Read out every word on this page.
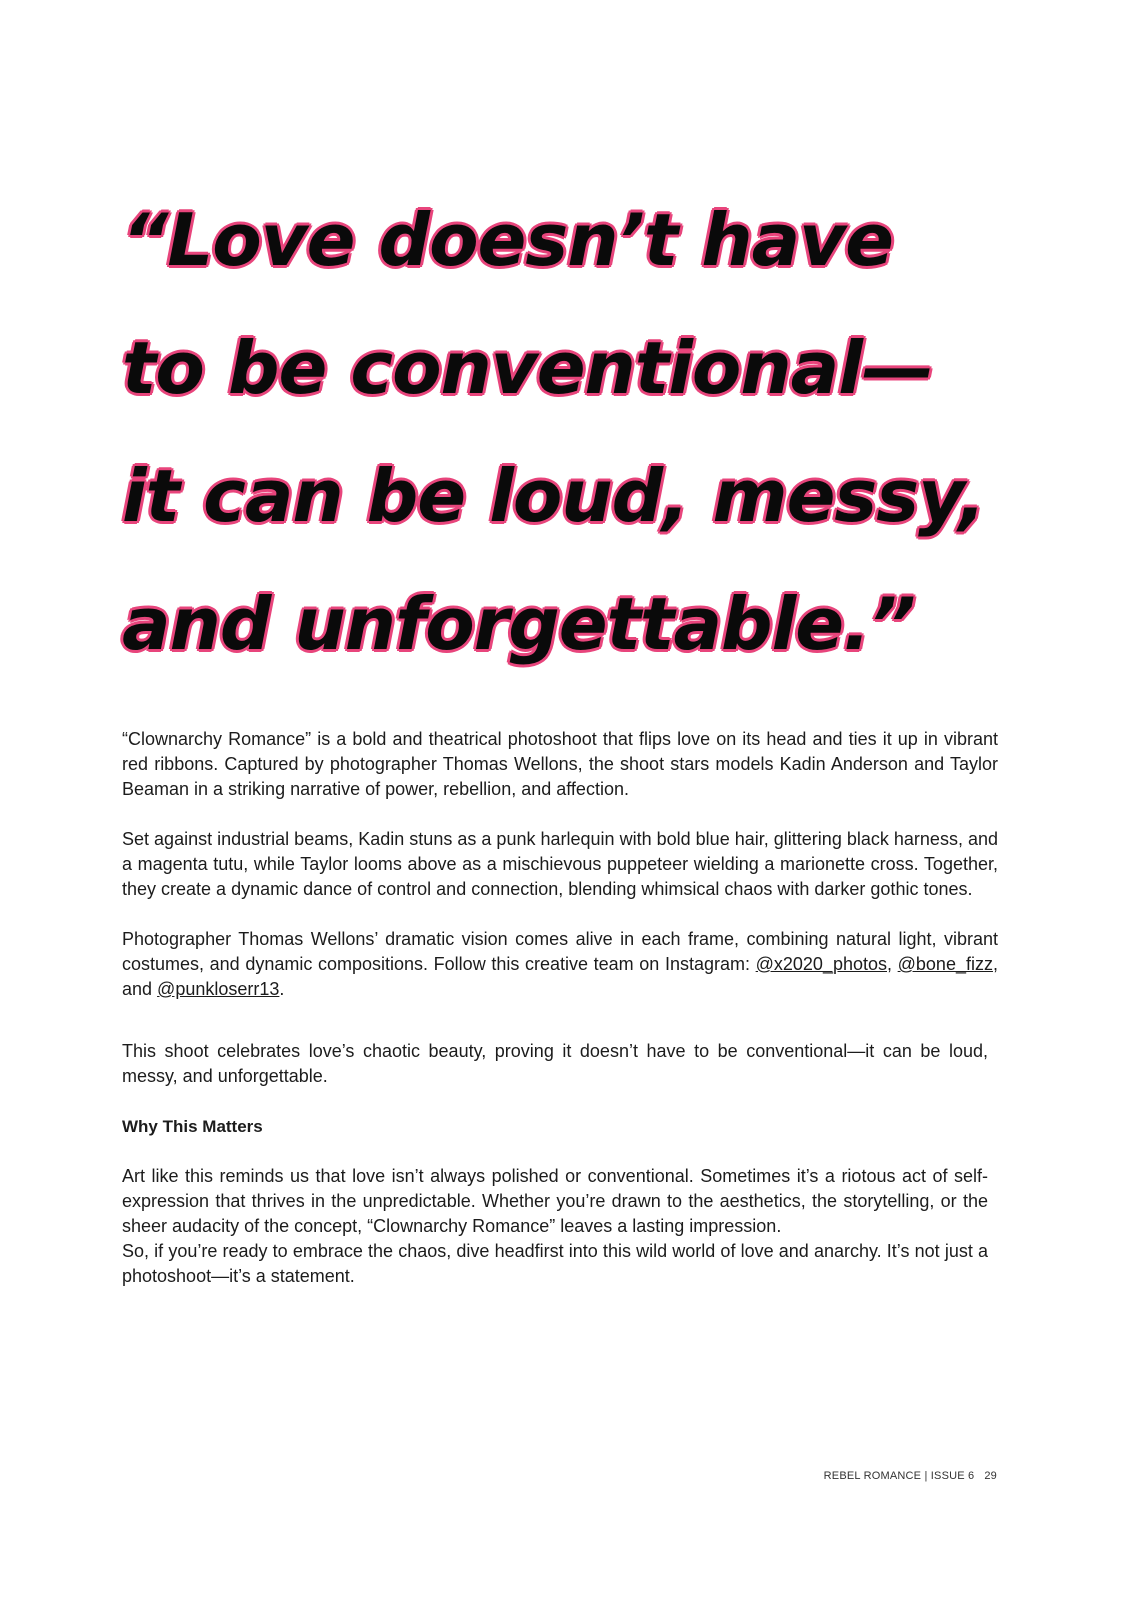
“Love doesn’t have
to be conventional—
it can be loud, messy,
and unforgettable.”

“Clownarchy Romance” is a bold and theatrical photoshoot that flips love on its head and ties it up in vibrant red ribbons. Captured by photographer Thomas Wellons, the shoot stars models Kadin Anderson and Taylor Beaman in a striking narrative of power, rebellion, and affection.

Set against industrial beams, Kadin stuns as a punk harlequin with bold blue hair, glittering black harness, and a magenta tutu, while Taylor looms above as a mischievous puppeteer wielding a marionette cross. Together, they create a dynamic dance of control and connection, blending whimsical chaos with darker gothic tones.

Photographer Thomas Wellons’ dramatic vision comes alive in each frame, combining natural light, vibrant costumes, and dynamic compositions. Follow this creative team on Instagram: @x2020_photos, @bone_fizz, and @punkloserr13.

This shoot celebrates love’s chaotic beauty, proving it doesn’t have to be conventional—it can be loud, messy, and unforgettable.

Why This Matters

Art like this reminds us that love isn’t always polished or conventional. Sometimes it’s a riotous act of self-expression that thrives in the unpredictable. Whether you’re drawn to the aesthetics, the storytelling, or the sheer audacity of the concept, “Clownarchy Romance” leaves a lasting impression.

So, if you’re ready to embrace the chaos, dive headfirst into this wild world of love and anarchy. It’s not just a photoshoot—it’s a statement.

REBEL ROMANCE | ISSUE 6 29
